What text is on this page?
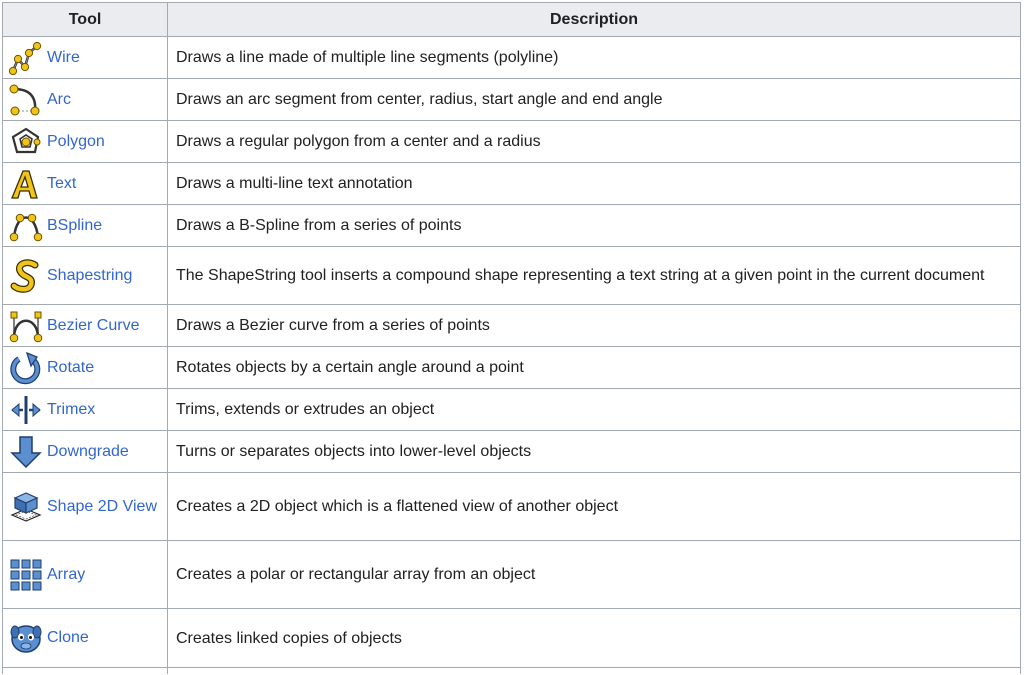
Tool	Description

Wire	Draws a line made of multiple line segments (polyline)

Arc	Draws an arc segment from center, radius, start angle and end angle

Polygon	Draws a regular polygon from a center and a radius

Text	Draws a multi-line text annotation

BSpline	Draws a B-Spline from a series of points

Shapestring	The ShapeString tool inserts a compound shape representing a text string at a given point in the current document

Bezier Curve	Draws a Bezier curve from a series of points

Rotate	Rotates objects by a certain angle around a point

Trimex	Trims, extends or extrudes an object

Downgrade	Turns or separates objects into lower-level objects

Shape 2D View	Creates a 2D object which is a flattened view of another object

Array	Creates a polar or rectangular array from an object

Clone	Creates linked copies of objects
